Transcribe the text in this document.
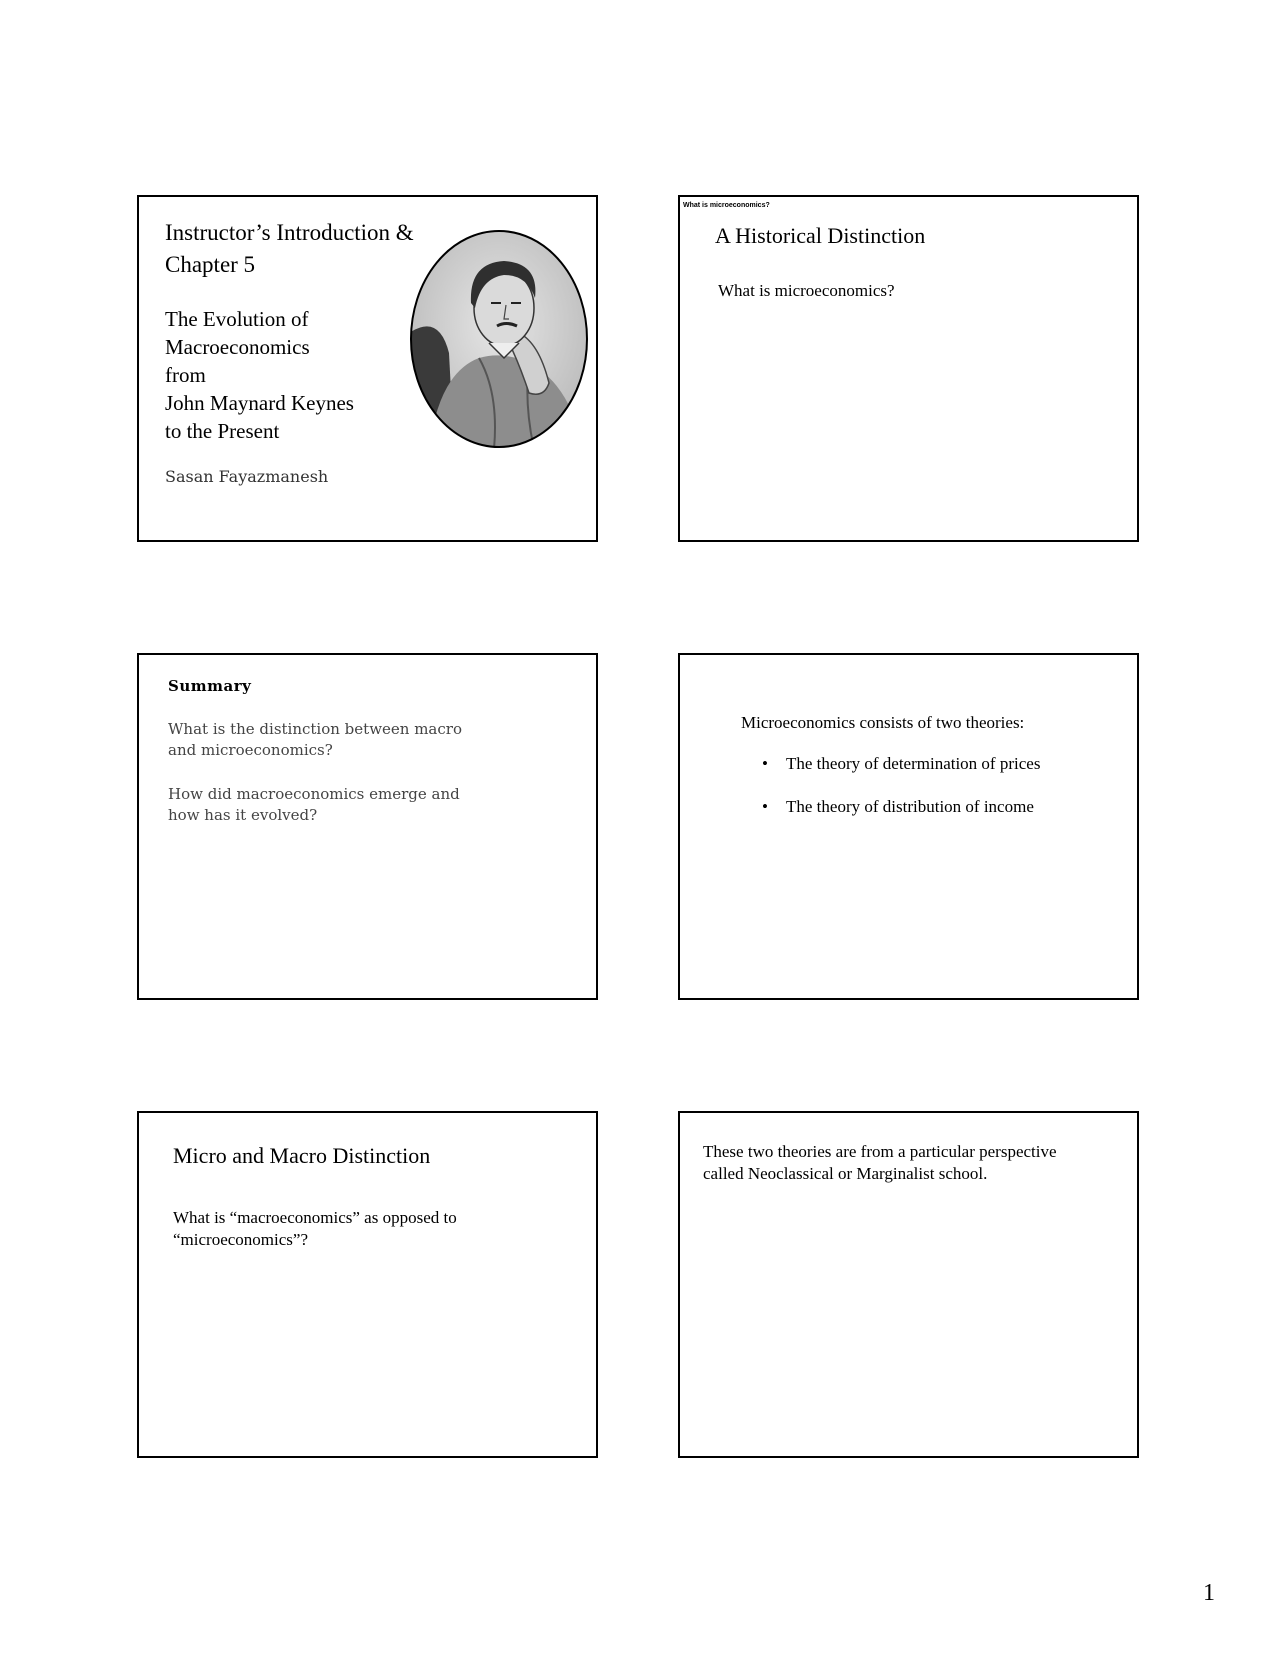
Instructor’s Introduction & Chapter 5
The Evolution of
Macroeconomics
from
John Maynard Keynes
to the Present
Sasan Fayazmanesh
What is microeconomics?
A Historical Distinction
What is microeconomics?
Summary
What is the distinction between macro and microeconomics?
How did macroeconomics emerge and how has it evolved?
Microeconomics consists of two theories:
• The theory of determination of prices
• The theory of distribution of income
Micro and Macro Distinction
What is “macroeconomics” as opposed to “microeconomics”?
These two theories are from a particular perspective called Neoclassical or Marginalist school.
1
